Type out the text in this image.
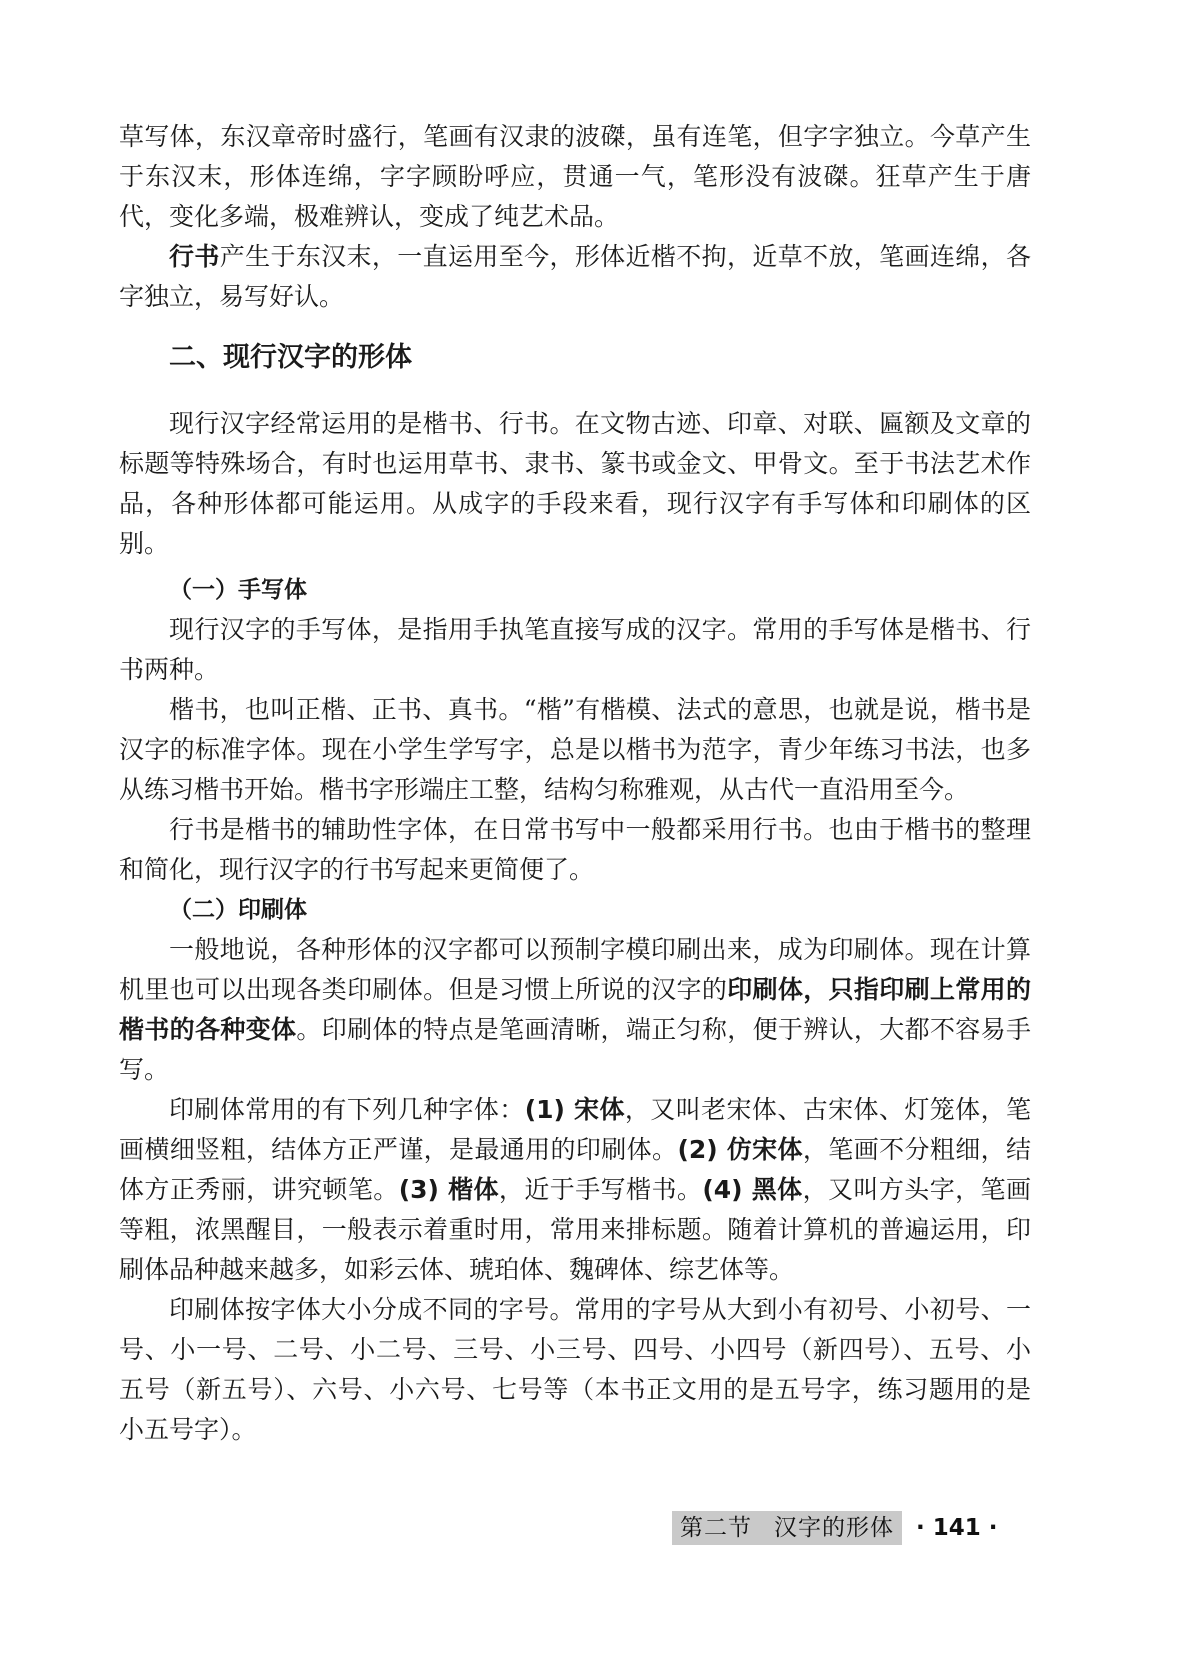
草写体，东汉章帝时盛行，笔画有汉隶的波磔，虽有连笔，但字字独立。今草产生于东汉末，形体连绵，字字顾盼呼应，贯通一气，笔形没有波磔。狂草产生于唐代，变化多端，极难辨认，变成了纯艺术品。

行书产生于东汉末，一直运用至今，形体近楷不拘，近草不放，笔画连绵，各字独立，易写好认。

二、现行汉字的形体

现行汉字经常运用的是楷书、行书。在文物古迹、印章、对联、匾额及文章的标题等特殊场合，有时也运用草书、隶书、篆书或金文、甲骨文。至于书法艺术作品，各种形体都可能运用。从成字的手段来看，现行汉字有手写体和印刷体的区别。

（一）手写体

现行汉字的手写体，是指用手执笔直接写成的汉字。常用的手写体是楷书、行书两种。

楷书，也叫正楷、正书、真书。“楷”有楷模、法式的意思，也就是说，楷书是汉字的标准字体。现在小学生学写字，总是以楷书为范字，青少年练习书法，也多从练习楷书开始。楷书字形端庄工整，结构匀称雅观，从古代一直沿用至今。

行书是楷书的辅助性字体，在日常书写中一般都采用行书。也由于楷书的整理和简化，现行汉字的行书写起来更简便了。

（二）印刷体

一般地说，各种形体的汉字都可以预制字模印刷出来，成为印刷体。现在计算机里也可以出现各类印刷体。但是习惯上所说的汉字的印刷体，只指印刷上常用的楷书的各种变体。印刷体的特点是笔画清晰，端正匀称，便于辨认，大都不容易手写。

印刷体常用的有下列几种字体：(1) 宋体，又叫老宋体、古宋体、灯笼体，笔画横细竖粗，结体方正严谨，是最通用的印刷体。(2) 仿宋体，笔画不分粗细，结体方正秀丽，讲究顿笔。(3) 楷体，近于手写楷书。(4) 黑体，又叫方头字，笔画等粗，浓黑醒目，一般表示着重时用，常用来排标题。随着计算机的普遍运用，印刷体品种越来越多，如彩云体、琥珀体、魏碑体、综艺体等。

印刷体按字体大小分成不同的字号。常用的字号从大到小有初号、小初号、一号、小一号、二号、小二号、三号、小三号、四号、小四号（新四号）、五号、小五号（新五号）、六号、小六号、七号等（本书正文用的是五号字，练习题用的是小五号字）。

第二节 汉字的形体 · 141 ·
